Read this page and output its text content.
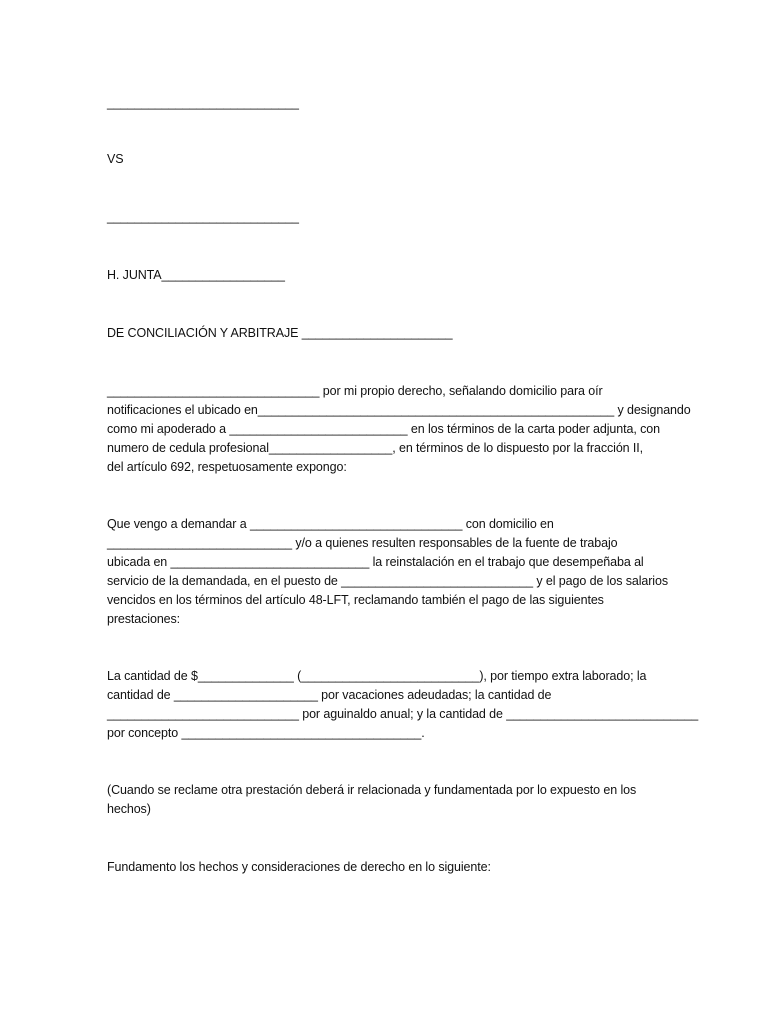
____________________________
VS
____________________________
H. JUNTA__________________
DE CONCILIACIÓN Y ARBITRAJE ______________________
_______________________________ por mi propio derecho, señalando domicilio para oír
notificaciones el ubicado en____________________________________________________ y designando
como mi apoderado a __________________________ en los términos de la carta poder adjunta, con
numero de cedula profesional__________________, en términos de lo dispuesto por la fracción II,
del artículo 692, respetuosamente expongo:
Que vengo a demandar a _______________________________ con domicilio en
___________________________ y/o a quienes resulten responsables de la fuente de trabajo
ubicada en _____________________________ la reinstalación en el trabajo que desempeñaba al
servicio de la demandada, en el puesto de ____________________________ y el pago de los salarios
vencidos en los términos del artículo 48-LFT, reclamando también el pago de las siguientes
prestaciones:
La cantidad de $______________ (__________________________), por tiempo extra laborado; la
cantidad de _____________________ por vacaciones adeudadas; la cantidad de
____________________________ por aguinaldo anual; y la cantidad de ____________________________
por concepto ___________________________________.
(Cuando se reclame otra prestación deberá ir relacionada y fundamentada por lo expuesto en los
hechos)
Fundamento los hechos y consideraciones de derecho en lo siguiente:
